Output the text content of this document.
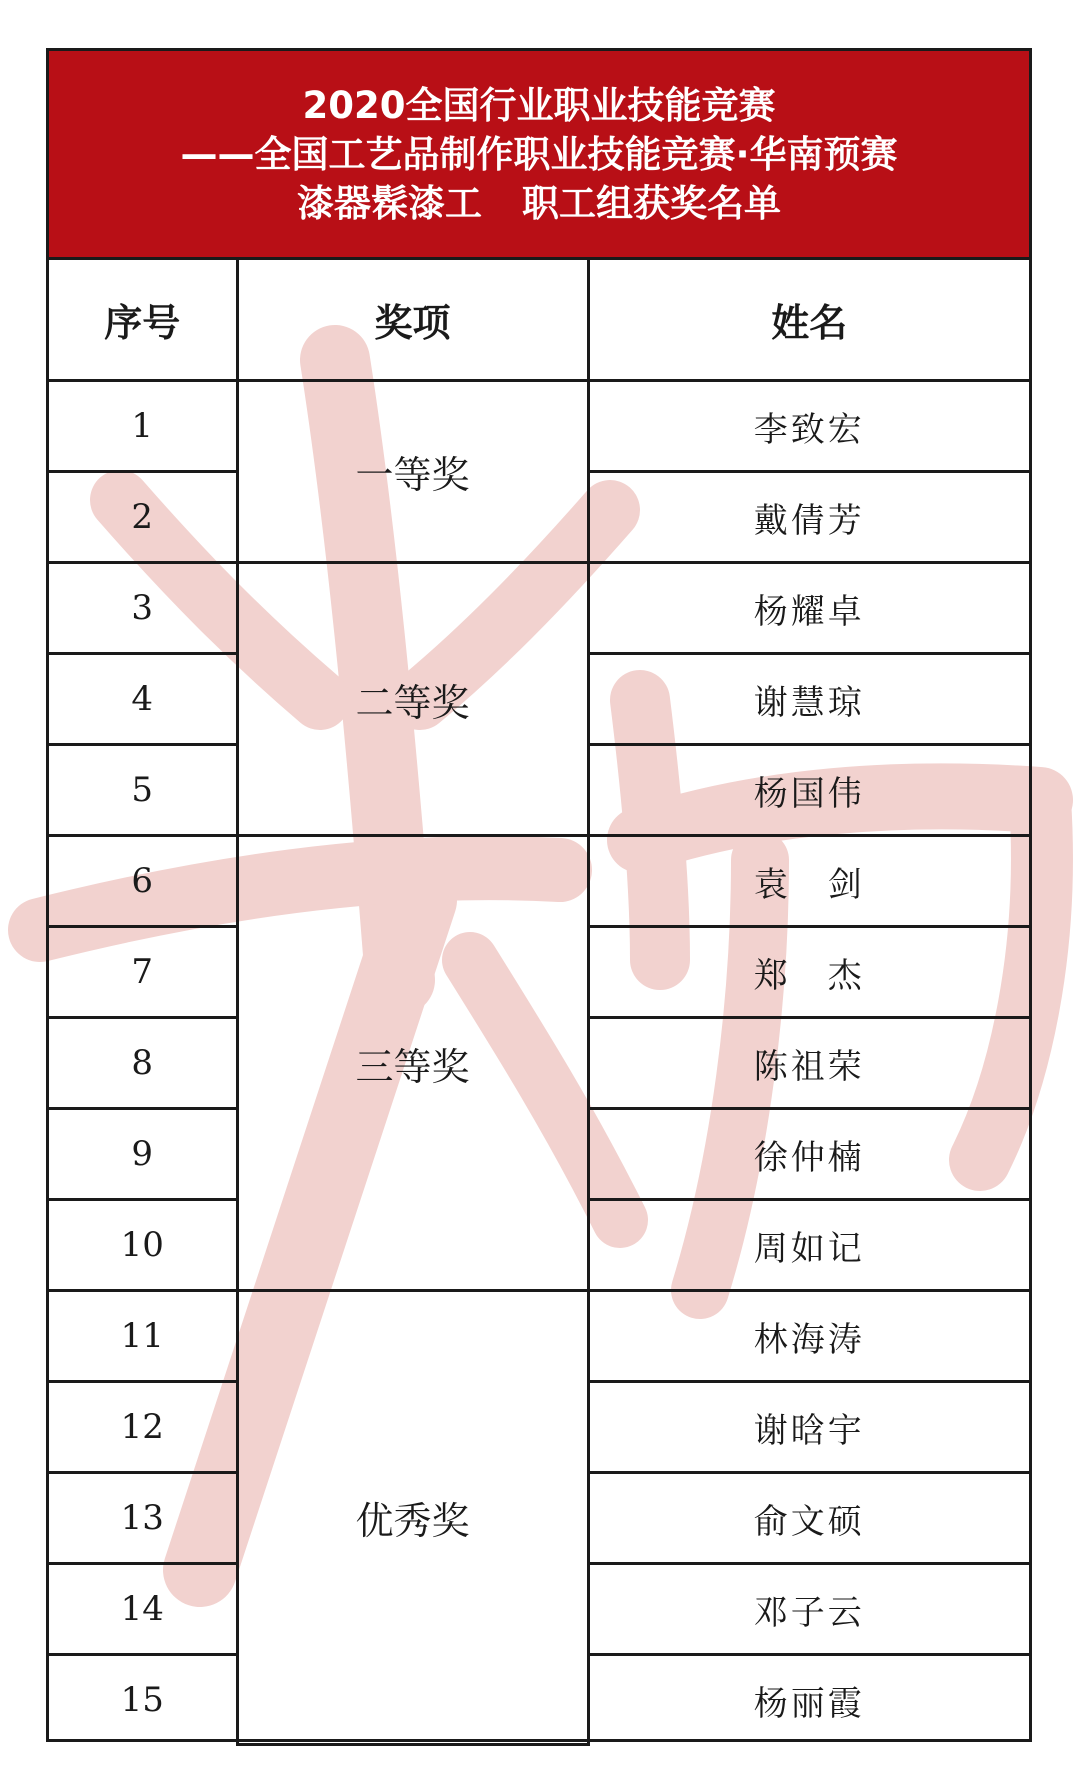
2020全国行业职业技能竞赛
——全国工艺品制作职业技能竞赛·华南预赛
漆器髹漆工 职工组获奖名单
序号	奖项	姓名
1	一等奖	李致宏
2		戴倩芳
3	二等奖	杨耀卓
4		谢慧琼
5		杨国伟
6	三等奖	袁　剑
7		郑　杰
8		陈祖荣
9		徐仲楠
10		周如记
11	优秀奖	林海涛
12		谢晗宇
13		俞文硕
14		邓子云
15		杨丽霞
